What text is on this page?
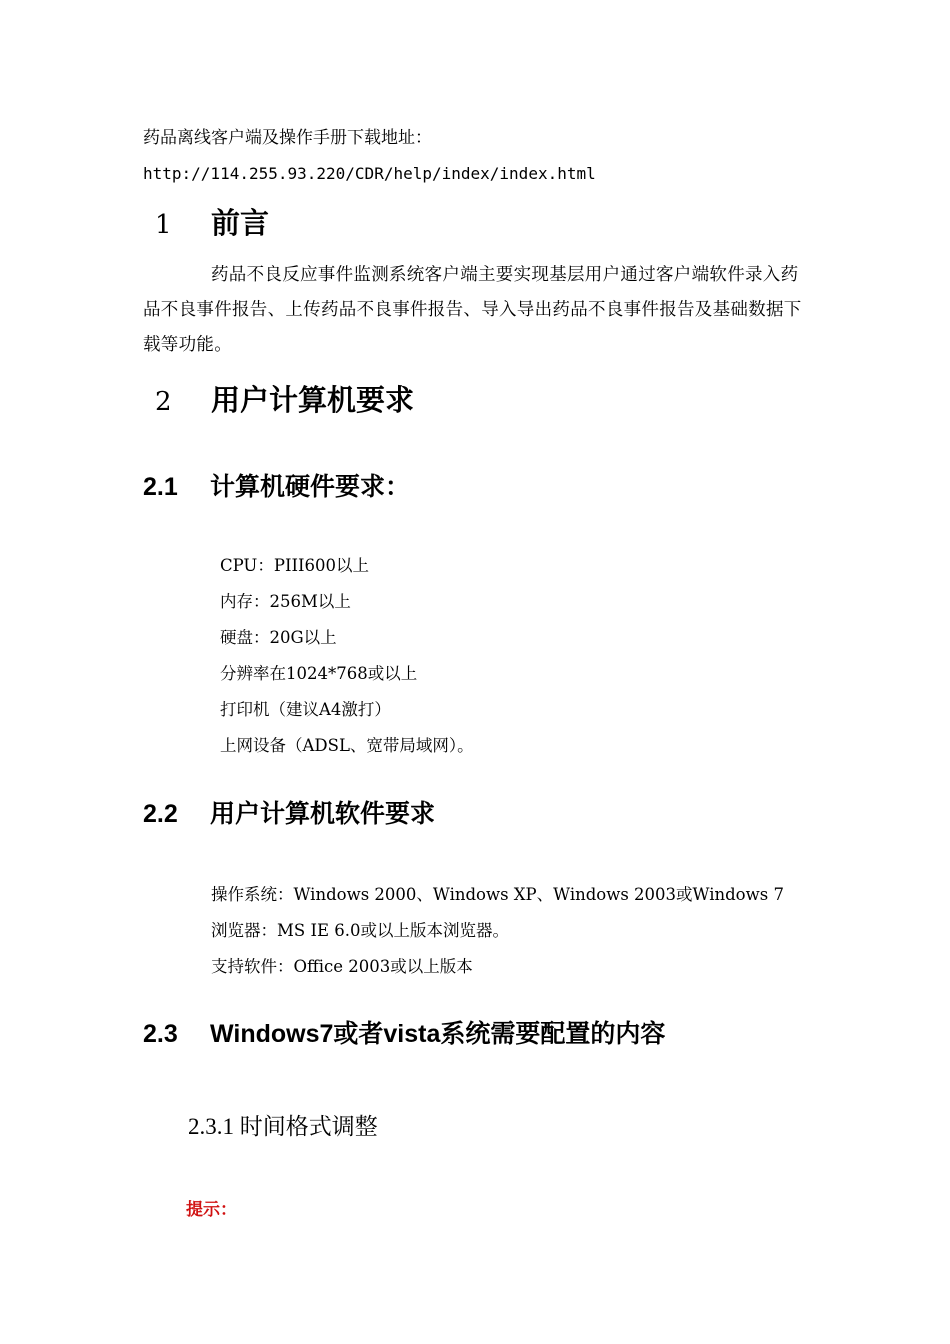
药品离线客户端及操作手册下载地址：
http://114.255.93.220/CDR/help/index/index.html
1 前言
药品不良反应事件监测系统客户端主要实现基层用户通过客户端软件录入药品不良事件报告、上传药品不良事件报告、导入导出药品不良事件报告及基础数据下载等功能。
2 用户计算机要求
2.1 计算机硬件要求：
CPU：PIII600以上
内存：256M以上
硬盘：20G以上
分辨率在1024*768或以上
打印机（建议A4激打）
上网设备（ADSL、宽带局域网）。
2.2 用户计算机软件要求
操作系统：Windows 2000、Windows XP、Windows 2003或Windows 7
浏览器：MS IE 6.0或以上版本浏览器。
支持软件：Office 2003或以上版本
2.3 Windows7或者vista系统需要配置的内容
2.3.1 时间格式调整
提示：
